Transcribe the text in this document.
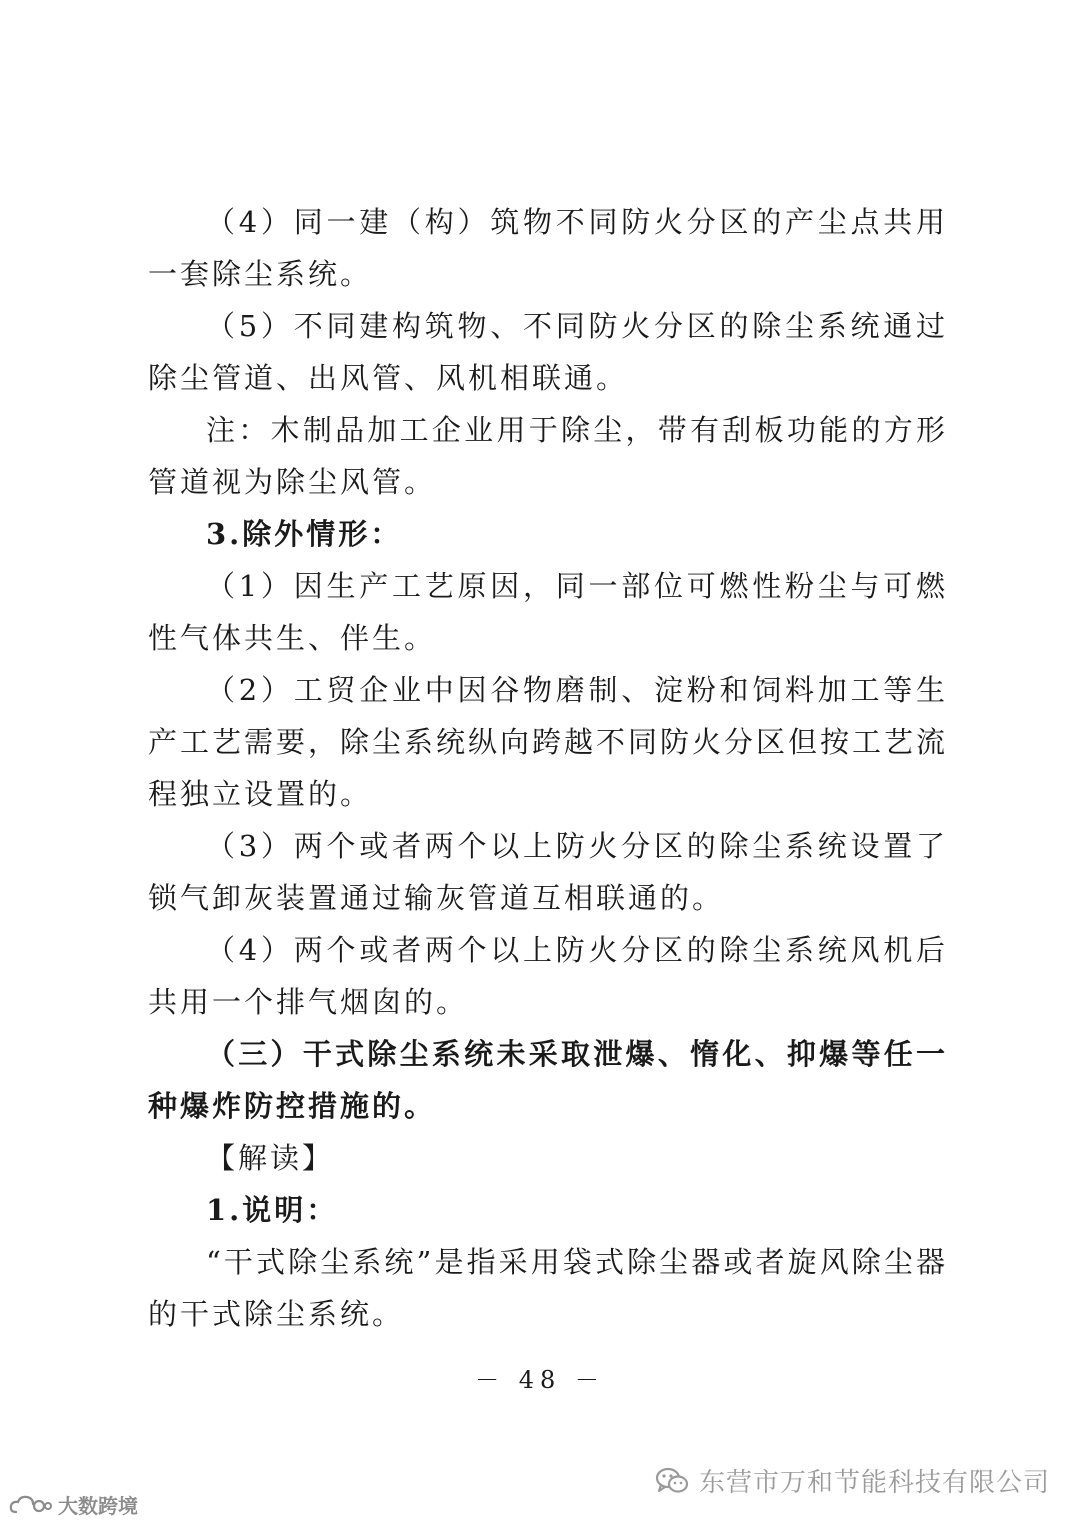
（4）同一建（构）筑物不同防火分区的产尘点共用一套除尘系统。

（5）不同建构筑物、不同防火分区的除尘系统通过除尘管道、出风管、风机相联通。

注：木制品加工企业用于除尘，带有刮板功能的方形管道视为除尘风管。

3.除外情形：

（1）因生产工艺原因，同一部位可燃性粉尘与可燃性气体共生、伴生。

（2）工贸企业中因谷物磨制、淀粉和饲料加工等生产工艺需要，除尘系统纵向跨越不同防火分区但按工艺流程独立设置的。

（3）两个或者两个以上防火分区的除尘系统设置了锁气卸灰装置通过输灰管道互相联通的。

（4）两个或者两个以上防火分区的除尘系统风机后共用一个排气烟囱的。

（三）干式除尘系统未采取泄爆、惰化、抑爆等任一种爆炸防控措施的。

【解读】

1.说明：

“干式除尘系统”是指采用袋式除尘器或者旋风除尘器的干式除尘系统。

－ 48 －
东营市万和节能科技有限公司
大数跨境
